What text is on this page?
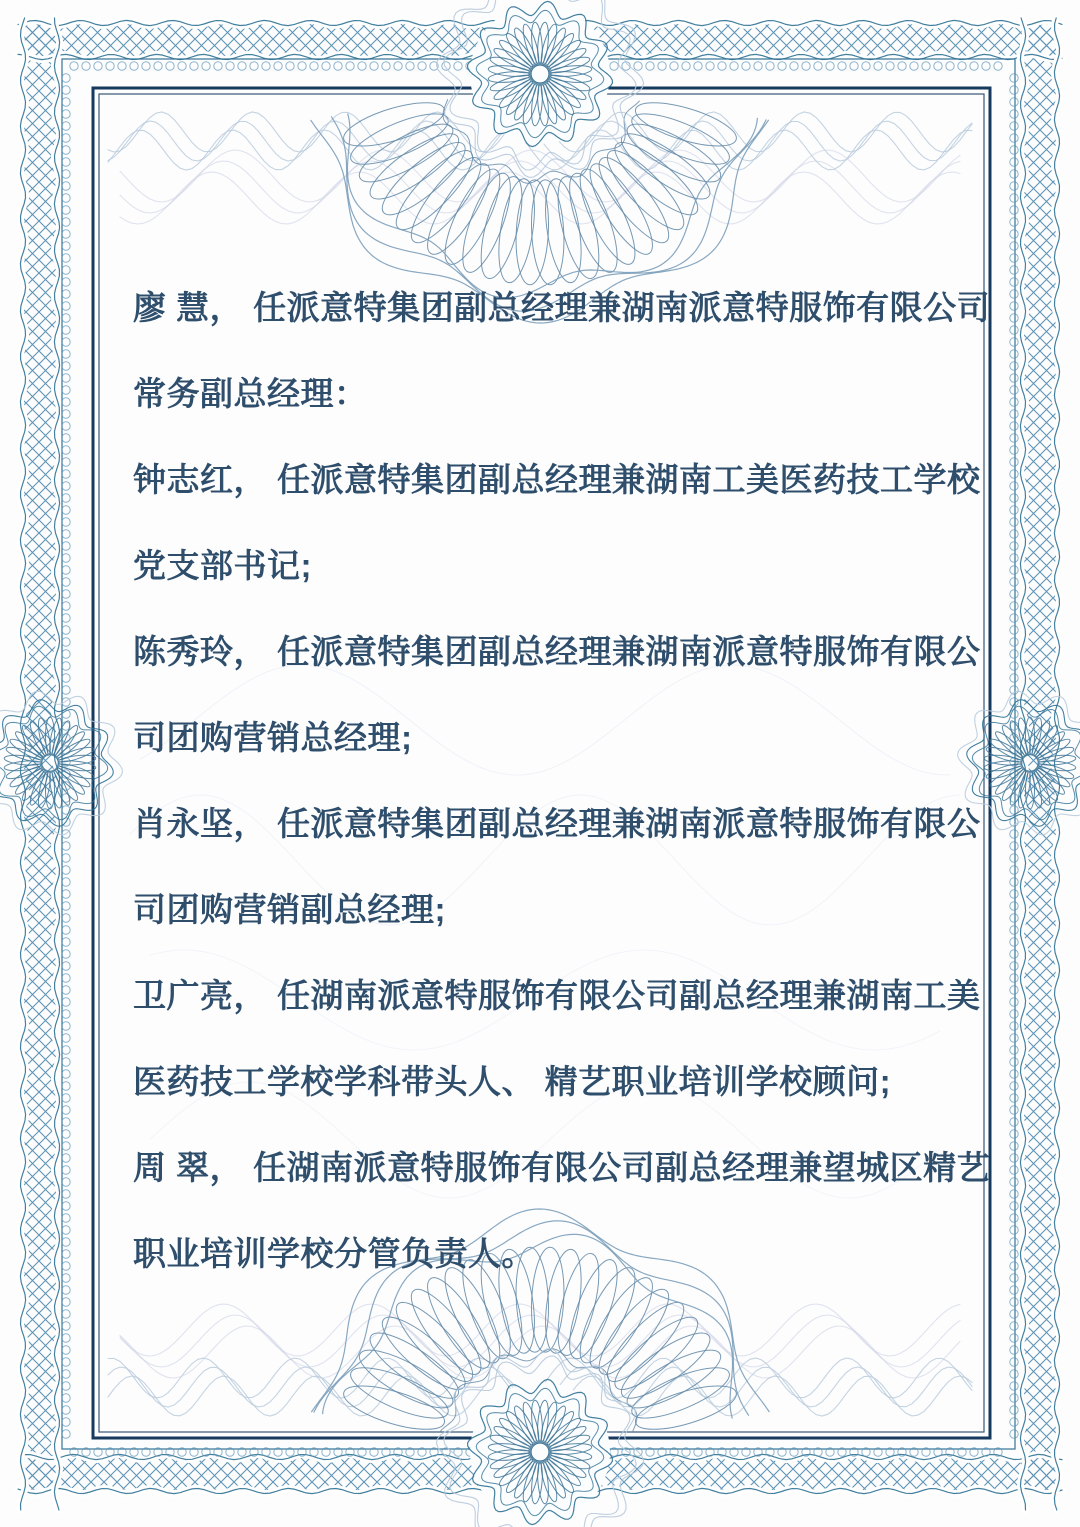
廖 慧， 任派意特集团副总经理兼湖南派意特服饰有限公司
常务副总经理：

钟志红， 任派意特集团副总经理兼湖南工美医药技工学校
党支部书记;

陈秀玲， 任派意特集团副总经理兼湖南派意特服饰有限公
司团购营销总经理;

肖永坚， 任派意特集团副总经理兼湖南派意特服饰有限公
司团购营销副总经理;

卫广亮， 任湖南派意特服饰有限公司副总经理兼湖南工美
医药技工学校学科带头人、 精艺职业培训学校顾问;

周 翠， 任湖南派意特服饰有限公司副总经理兼望城区精艺
职业培训学校分管负责人。
